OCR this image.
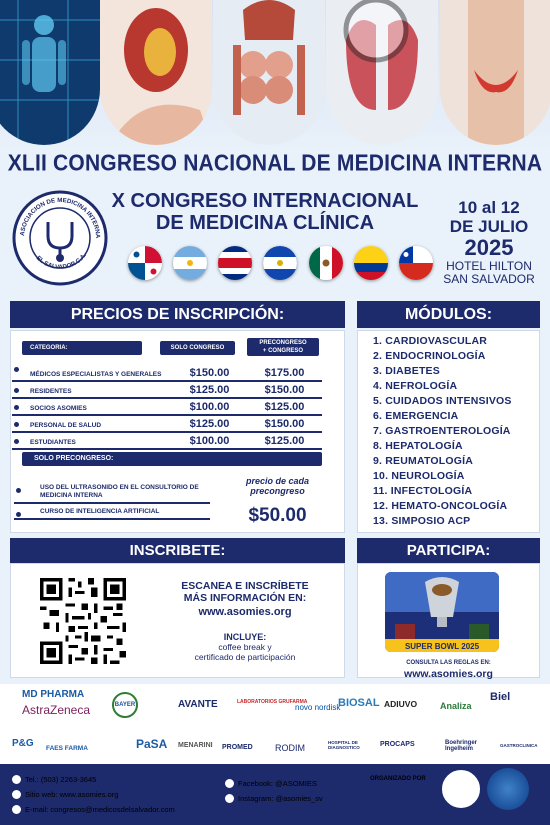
XLII CONGRESO NACIONAL DE MEDICINA INTERNA
X CONGRESO INTERNACIONAL
DE MEDICINA CLÍNICA
ASOCIACION DE MEDICINA INTERNA
EL SALVADOR C.A.
10 al 12
DE JULIO
2025
HOTEL HILTON
SAN SALVADOR
PRECIOS DE INSCRIPCIÓN:
CATEGORIA:	SOLO CONGRESO
PRECONGRESO
+ CONGRESO
MÉDICOS ESPECIALISTAS Y GENERALES	$150.00	$175.00
RESIDENTES	$125.00	$150.00
SOCIOS ASOMIES	$100.00	$125.00
PERSONAL DE SALUD	$125.00	$150.00
ESTUDIANTES	$100.00	$125.00
SOLO PRECONGRESO:
USO DEL ULTRASONIDO EN EL CONSULTORIO DE MEDICINA INTERNA
CURSO DE INTELIGENCIA ARTIFICIAL
precio de cada
precongreso
$50.00
MÓDULOS:
1. CARDIOVASCULAR
2. ENDOCRINOLOGÍA
3. DIABETES
4. NEFROLOGÍA
5. CUIDADOS INTENSIVOS
6. EMERGENCIA
7. GASTROENTEROLOGÍA
8. HEPATOLOGÍA
9. REUMATOLOGÍA
10. NEUROLOGÍA
11. INFECTOLOGÍA
12. HEMATO-ONCOLOGÍA
13. SIMPOSIO ACP
INSCRIBETE:
ESCANEA E INSCRÍBETE
MÁS INFORMACIÓN EN:
www.asomies.org
INCLUYE:
coffee break y
certificado de participación
PARTICIPA:
SUPER BOWL 2025
CONSULTA LAS REGLAS EN:
www.asomies.org
MD PHARMA
AstraZeneca	BAYER	AVANTE	LABORATORIOS GRUFARMA
novo nordisk
BIOSAL ADIUVO	Analiza
Biel
P&G FAES FARMA	PaSA MENARINI PROMED RODIM
HOSPITAL DE DIAGNOSTICO	PROCAPS	Boehringer Ingelheim
GASTROCLINICA
Tel.: (503) 2263-3645
Sitio web: www.asomies.org
E-mail: congresos@medicosdelsalvador.com
Facebook: @ASOMIES
Instagram: @asomies_sv
ORGANIZADO POR
